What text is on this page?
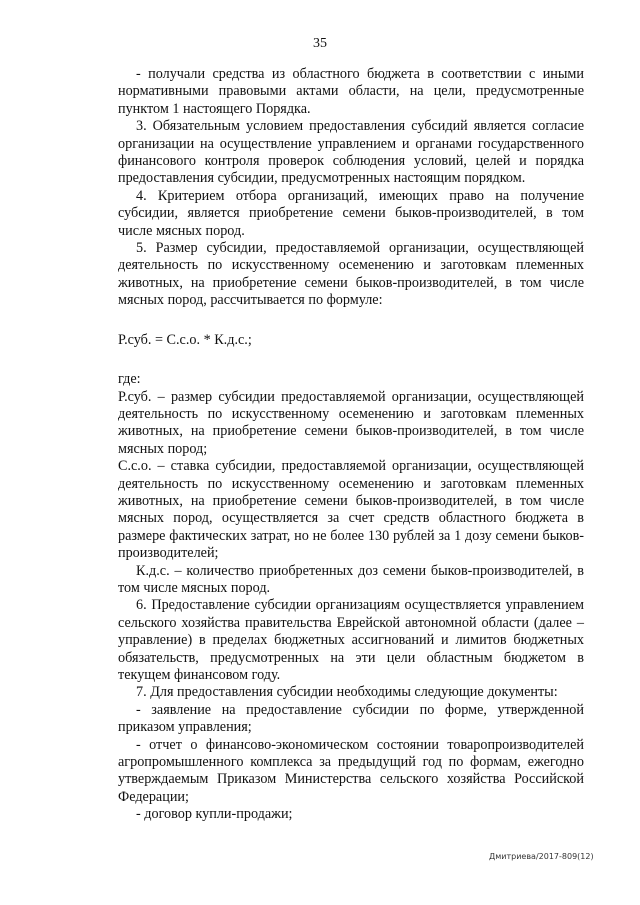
35

- получали средства из областного бюджета в соответствии с иными нормативными правовыми актами области, на цели, предусмотренные пунктом 1 настоящего Порядка.

3. Обязательным условием предоставления субсидий является согласие организации на осуществление управлением и органами государственного финансового контроля проверок соблюдения условий, целей и порядка предоставления субсидии, предусмотренных настоящим порядком.

4. Критерием отбора организаций, имеющих право на получение субсидии, является приобретение семени быков-производителей, в том числе мясных пород.

5. Размер субсидии, предоставляемой организации, осуществляющей деятельность по искусственному осеменению и заготовкам племенных животных, на приобретение семени быков-производителей, в том числе мясных пород, рассчитывается по формуле:

Р.суб. = С.с.о. * К.д.с.;

где:

Р.суб. – размер субсидии предоставляемой организации, осуществляющей деятельность по искусственному осеменению и заготовкам племенных животных, на приобретение семени быков-производителей, в том числе мясных пород;

С.с.о. – ставка субсидии, предоставляемой организации, осуществляющей деятельность по искусственному осеменению и заготовкам племенных животных, на приобретение семени быков-производителей, в том числе мясных пород, осуществляется за счет средств областного бюджета в размере фактических затрат, но не более 130 рублей за 1 дозу семени быков-производителей;

К.д.с. – количество приобретенных доз семени быков-производителей, в том числе мясных пород.

6. Предоставление субсидии организациям осуществляется управлением сельского хозяйства правительства Еврейской автономной области (далее – управление) в пределах бюджетных ассигнований и лимитов бюджетных обязательств, предусмотренных на эти цели областным бюджетом в текущем финансовом году.

7. Для предоставления субсидии необходимы следующие документы:

- заявление на предоставление субсидии по форме, утвержденной приказом управления;

- отчет о финансово-экономическом состоянии товаропроизводителей агропромышленного комплекса за предыдущий год по формам, ежегодно утверждаемым Приказом Министерства сельского хозяйства Российской Федерации;

- договор купли-продажи;

Дмитриева/2017-809(12)
